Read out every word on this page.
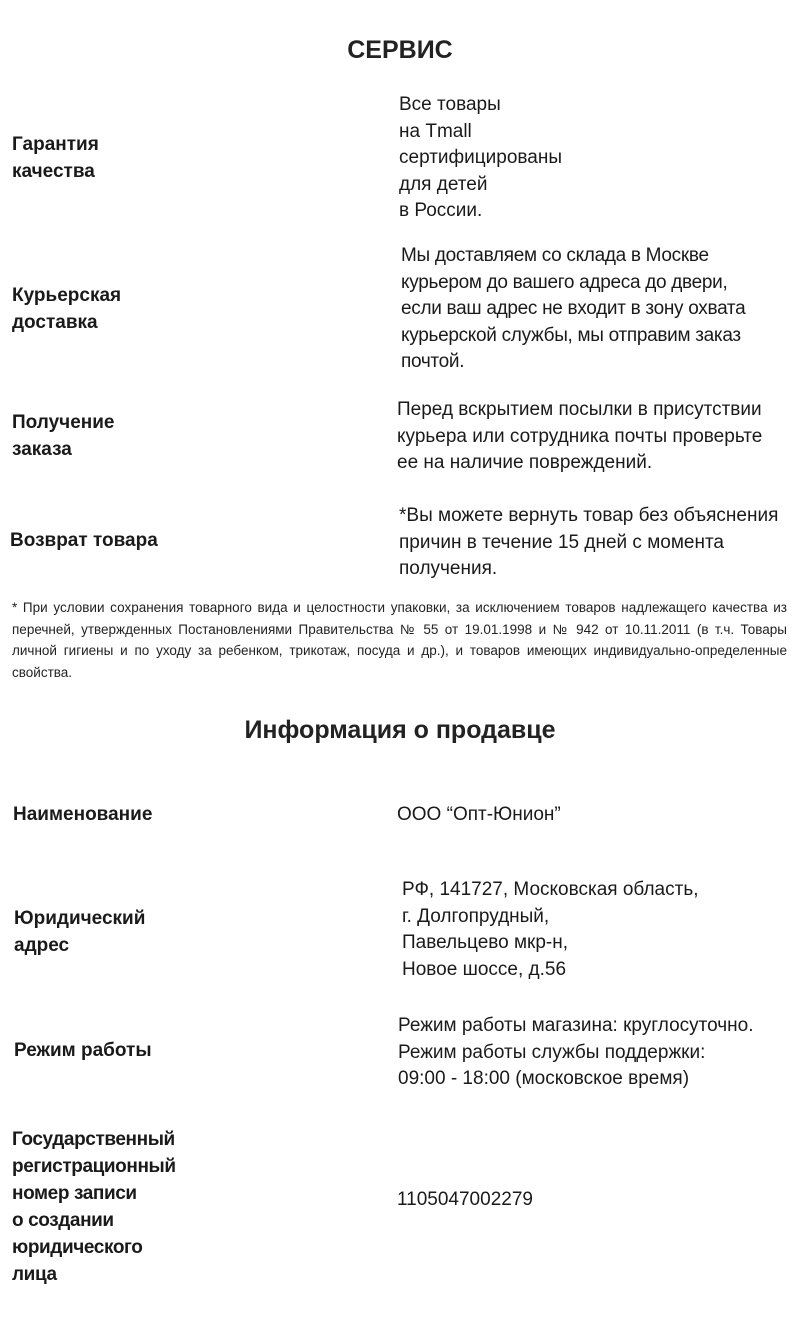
СЕРВИС
Гарантия
качества
Все товары
на Tmall
сертифицированы
для детей
в России.
Курьерская
доставка
Мы доставляем со склада в Москве
курьером до вашего адреса до двери,
если ваш адрес не входит в зону охвата
курьерской службы, мы отправим заказ
почтой.
Получение
заказа
Перед вскрытием посылки в присутствии
курьера или сотрудника почты проверьте
ее на наличие повреждений.
Возврат товара
*Вы можете вернуть товар без объяснения
причин в течение 15 дней с момента
получения.
* При условии сохранения товарного вида и целостности упаковки, за исключением товаров надлежащего качества из перечней, утвержденных Постановлениями Правительства № 55 от 19.01.1998 и № 942 от 10.11.2011 (в т.ч. Товары личной гигиены и по уходу за ребенком, трикотаж, посуда и др.), и товаров имеющих индивидуально-определенные свойства.
Информация о продавце
Наименование	ООО “Опт-Юнион”
Юридический
адрес
РФ, 141727, Московская область,
г. Долгопрудный,
Павельцево мкр-н,
Новое шоссе, д.56
Режим работы
Режим работы магазина: круглосуточно.
Режим работы службы поддержки:
09:00 - 18:00 (московское время)
Государственный
регистрационный
номер записи
о создании
юридического
лица
1105047002279
